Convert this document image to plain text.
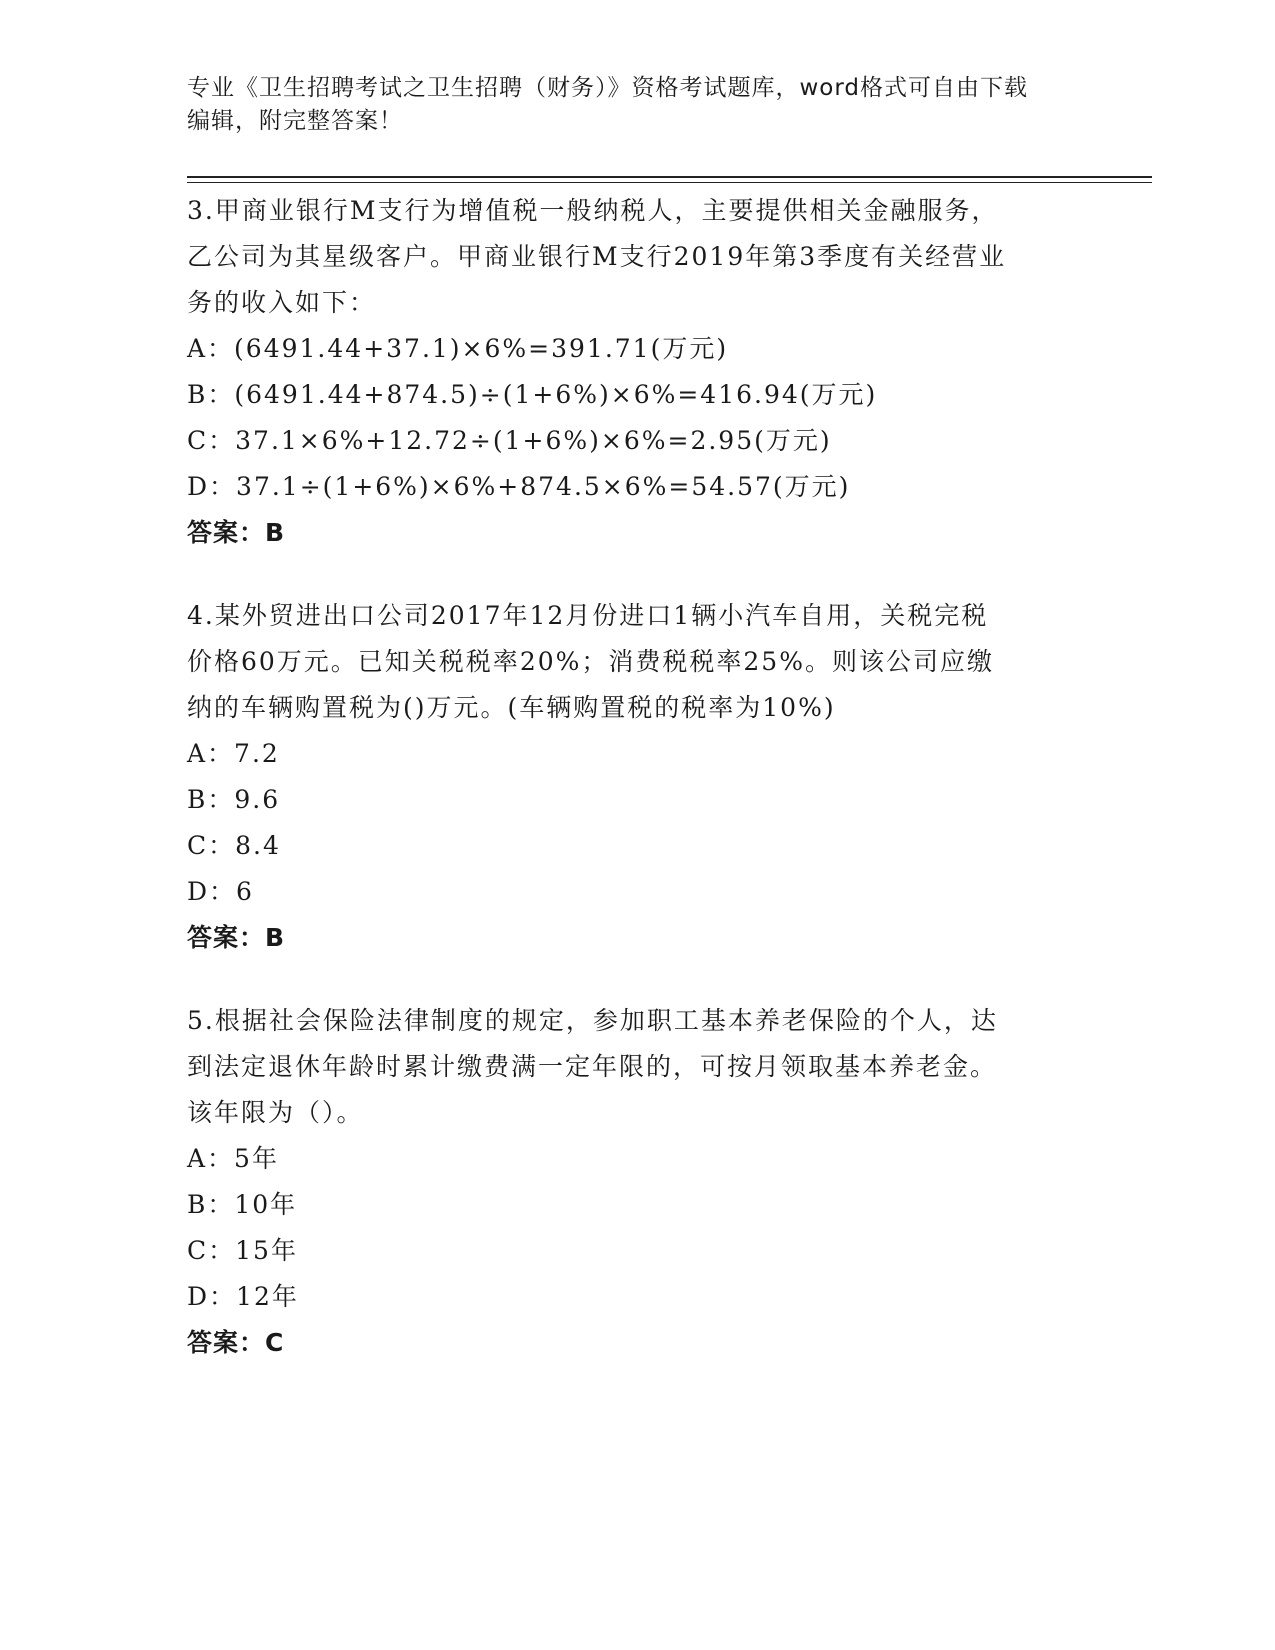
专业《卫生招聘考试之卫生招聘（财务）》资格考试题库，word格式可自由下载
编辑，附完整答案！

3.甲商业银行M支行为增值税一般纳税人，主要提供相关金融服务，

乙公司为其星级客户。甲商业银行M支行2019年第3季度有关经营业

务的收入如下：

A：(6491.44+37.1)×6%=391.71(万元)

B：(6491.44+874.5)÷(1+6%)×6%=416.94(万元)

C：37.1×6%+12.72÷(1+6%)×6%=2.95(万元)

D：37.1÷(1+6%)×6%+874.5×6%=54.57(万元)

答案：B

4.某外贸进出口公司2017年12月份进口1辆小汽车自用，关税完税

价格60万元。已知关税税率20%；消费税税率25%。则该公司应缴

纳的车辆购置税为()万元。(车辆购置税的税率为10%)

A：7.2

B：9.6

C：8.4

D：6

答案：B

5.根据社会保险法律制度的规定，参加职工基本养老保险的个人，达

到法定退休年龄时累计缴费满一定年限的，可按月领取基本养老金。

该年限为（）。

A：5年

B：10年

C：15年

D：12年

答案：C
